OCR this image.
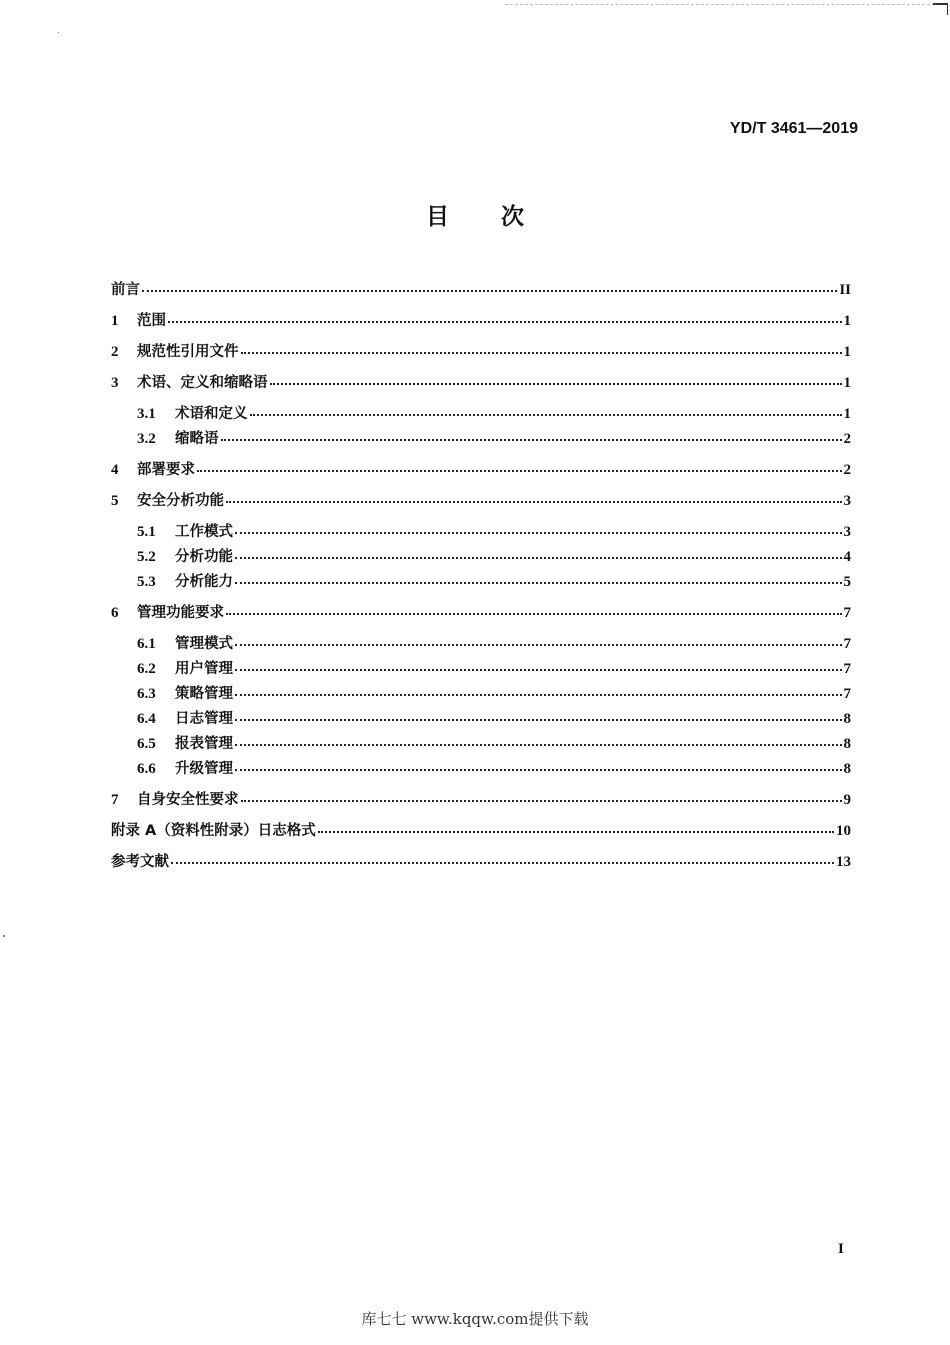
YD/T 3461—2019
目 次
前言	II
1	范围	1
2	规范性引用文件	1
3	术语、定义和缩略语	1
3.1	术语和定义	1
3.2	缩略语	2
4	部署要求	2
5	安全分析功能	3
5.1	工作模式	3
5.2	分析功能	4
5.3	分析能力	5
6	管理功能要求	7
6.1	管理模式	7
6.2	用户管理	7
6.3	策略管理	7
6.4	日志管理	8
6.5	报表管理	8
6.6	升级管理	8
7	自身安全性要求	9
附录 A（资料性附录）日志格式	10
参考文献	13
I
库七七 www.kqqw.com提供下载
